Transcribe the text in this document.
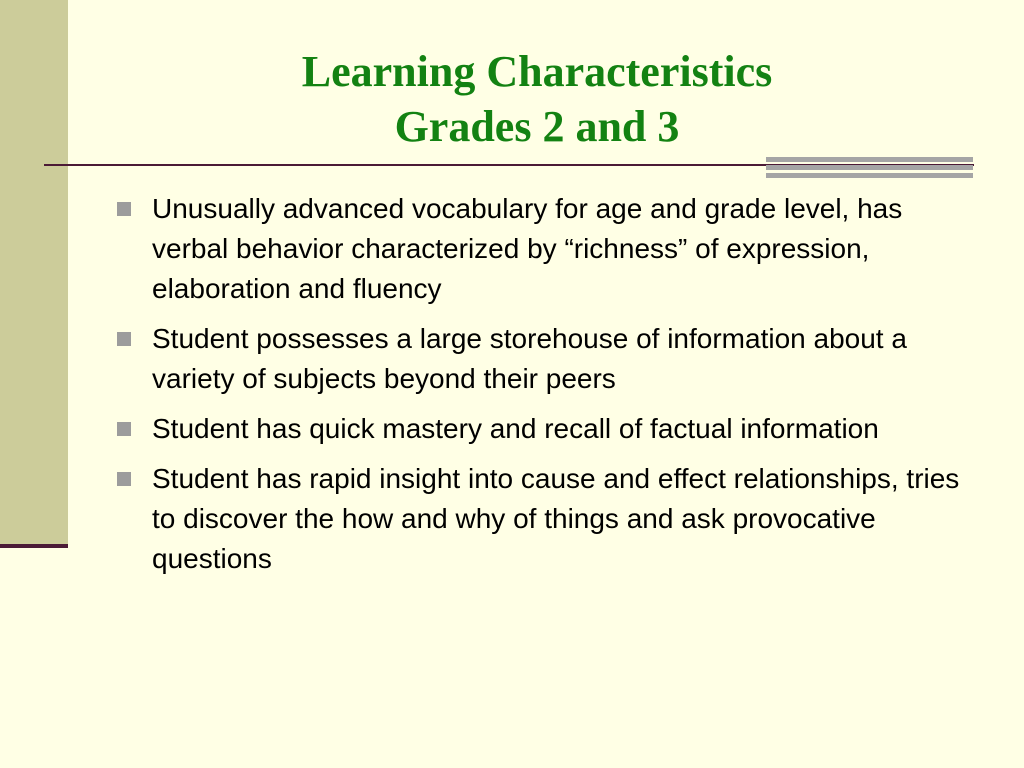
Learning Characteristics
Grades 2 and 3
Unusually advanced vocabulary for age and grade level, has verbal behavior characterized by “richness” of expression, elaboration and fluency
Student possesses a large storehouse of information about a variety of subjects beyond their peers
Student has quick mastery and recall of factual information
Student has rapid insight into cause and effect relationships, tries to discover the how and why of things and ask provocative questions
